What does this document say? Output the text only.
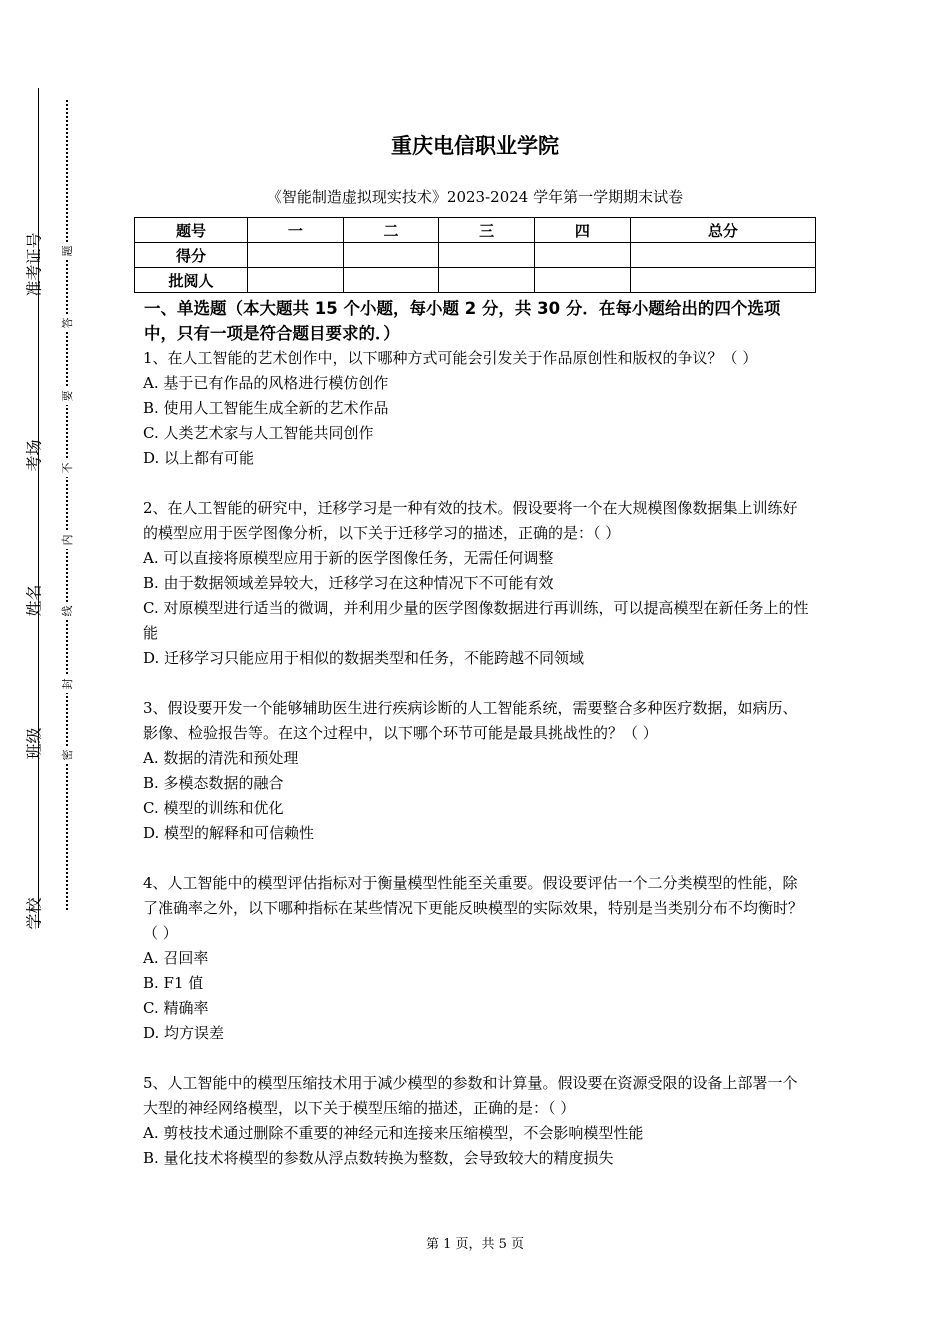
准考证号
考场
姓名
班级
学校
题
答
要
不
内
线
封
密
重庆电信职业学院
《智能制造虚拟现实技术》2023-2024 学年第一学期期末试卷
题号	一	二	三	四	总分
得分					
批阅人					
一、单选题（本大题共 15 个小题，每小题 2 分，共 30 分．在每小题给出的四个选项中，只有一项是符合题目要求的．）

1、在人工智能的艺术创作中，以下哪种方式可能会引发关于作品原创性和版权的争议？（ ）

A. 基于已有作品的风格进行模仿创作

B. 使用人工智能生成全新的艺术作品

C. 人类艺术家与人工智能共同创作

D. 以上都有可能

2、在人工智能的研究中，迁移学习是一种有效的技术。假设要将一个在大规模图像数据集上训练好的模型应用于医学图像分析，以下关于迁移学习的描述，正确的是：（ ）

A. 可以直接将原模型应用于新的医学图像任务，无需任何调整

B. 由于数据领域差异较大，迁移学习在这种情况下不可能有效

C. 对原模型进行适当的微调，并利用少量的医学图像数据进行再训练，可以提高模型在新任务上的性能

D. 迁移学习只能应用于相似的数据类型和任务，不能跨越不同领域

3、假设要开发一个能够辅助医生进行疾病诊断的人工智能系统，需要整合多种医疗数据，如病历、影像、检验报告等。在这个过程中，以下哪个环节可能是最具挑战性的？（ ）

A. 数据的清洗和预处理

B. 多模态数据的融合

C. 模型的训练和优化

D. 模型的解释和可信赖性

4、人工智能中的模型评估指标对于衡量模型性能至关重要。假设要评估一个二分类模型的性能，除了准确率之外，以下哪种指标在某些情况下更能反映模型的实际效果，特别是当类别分布不均衡时？（ ）

A. 召回率

B. F1 值

C. 精确率

D. 均方误差

5、人工智能中的模型压缩技术用于减少模型的参数和计算量。假设要在资源受限的设备上部署一个大型的神经网络模型，以下关于模型压缩的描述，正确的是：（ ）

A. 剪枝技术通过删除不重要的神经元和连接来压缩模型，不会影响模型性能

B. 量化技术将模型的参数从浮点数转换为整数，会导致较大的精度损失

第 1 页，共 5 页
